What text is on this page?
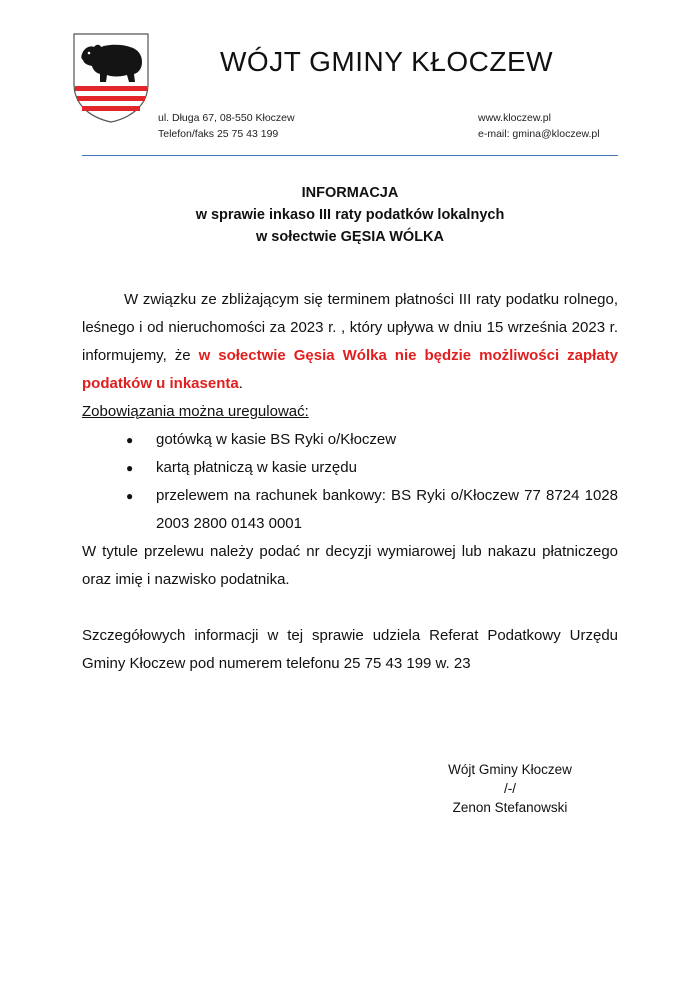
WÓJT GMINY KŁOCZEW
ul. Długa 67, 08-550 Kłoczew
Telefon/faks 25 75 43 199
www.kloczew.pl
e-mail: gmina@kloczew.pl
INFORMACJA
w sprawie inkaso III raty podatków lokalnych
w sołectwie GĘSIA WÓLKA

W związku ze zbliżającym się terminem płatności III raty podatku rolnego, leśnego i od nieruchomości za 2023 r. , który upływa w dniu 15 września 2023 r. informujemy, że w sołectwie Gęsia Wólka nie będzie możliwości zapłaty podatków u inkasenta.

Zobowiązania można uregulować:

●	gotówką w kasie BS Ryki o/Kłoczew
●	kartą płatniczą w kasie urzędu
●	przelewem na rachunek bankowy: BS Ryki o/Kłoczew 77 8724 1028 2003 2800 0143 0001

W tytule przelewu należy podać nr decyzji wymiarowej lub nakazu płatniczego oraz imię i nazwisko podatnika.

Szczegółowych informacji w tej sprawie udziela Referat Podatkowy Urzędu Gminy Kłoczew pod numerem telefonu 25 75 43 199 w. 23

Wójt Gminy Kłoczew
/-/
Zenon Stefanowski
